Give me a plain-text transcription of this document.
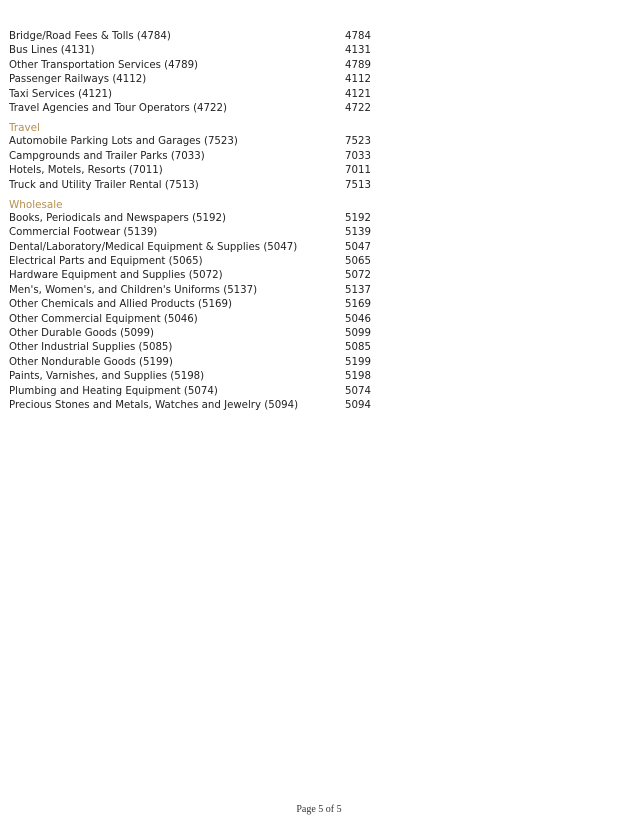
Bridge/Road Fees & Tolls (4784)	4784
Bus Lines (4131)	4131
Other Transportation Services (4789)	4789
Passenger Railways (4112)	4112
Taxi Services (4121)	4121
Travel Agencies and Tour Operators (4722)	4722
Travel
Automobile Parking Lots and Garages (7523)	7523
Campgrounds and Trailer Parks (7033)	7033
Hotels, Motels, Resorts (7011)	7011
Truck and Utility Trailer Rental (7513)	7513
Wholesale
Books, Periodicals and Newspapers (5192)	5192
Commercial Footwear (5139)	5139
Dental/Laboratory/Medical Equipment & Supplies (5047)	5047
Electrical Parts and Equipment (5065)	5065
Hardware Equipment and Supplies (5072)	5072
Men's, Women's, and Children's Uniforms (5137)	5137
Other Chemicals and Allied Products (5169)	5169
Other Commercial Equipment (5046)	5046
Other Durable Goods (5099)	5099
Other Industrial Supplies (5085)	5085
Other Nondurable Goods (5199)	5199
Paints, Varnishes, and Supplies (5198)	5198
Plumbing and Heating Equipment (5074)	5074
Precious Stones and Metals, Watches and Jewelry (5094)	5094
Page 5 of 5
